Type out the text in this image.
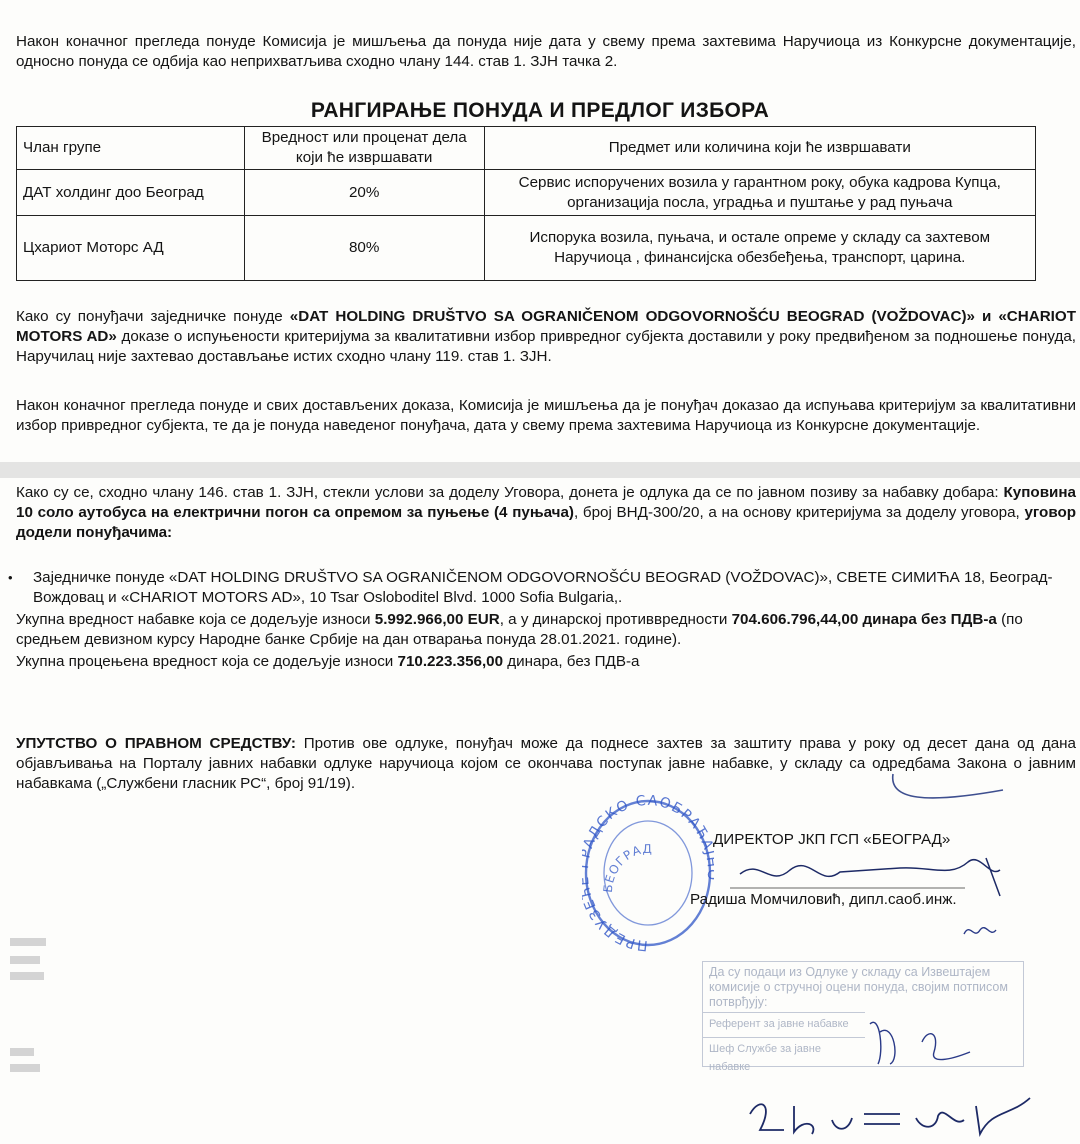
Након коначног прегледа понуде Комисија је мишљења да понуда није дата у свему према захтевима Наручиоца из Конкурсне документације, односно понуда се одбија као неприхватљива сходно члану 144. став 1. ЗЈН тачка 2.

РАНГИРАЊЕ ПОНУДА И ПРЕДЛОГ ИЗБОРА
Члан групе	Вредност или проценат дела који ће извршавати	Предмет или количина који ће извршавати
ДАТ холдинг доо Београд	20%	Сервис испоручених возила у гарантном року, обука кадрова Купца, организација посла, уградња и пуштање у рад пуњача
Цхариот Моторс АД	80%	Испорука возила, пуњача, и остале опреме у складу са захтевом Наручиоца , финансијска обезбеђења, транспорт, царина.

Како су понуђачи заједничке понуде «DAT HOLDING DRUŠTVO SA OGRANIČENOM ODGOVORNOŠĆU BEOGRAD (VOŽDOVAC)» и «CHARIOT MOTORS AD» доказе о испуњености критеријума за квалитативни избор привредног субјекта доставили у року предвиђеном за подношење понуда, Наручилац није захтевао достављање истих сходно члану 119. став 1. ЗЈН.

Након коначног прегледа понуде и свих достављених доказа, Комисија је мишљења да је понуђач доказао да испуњава критеријум за квалитативни избор привредног субјекта, те да је понуда наведеног понуђача, дата у свему према захтевима Наручиоца из Конкурсне документације.

Како су се, сходно члану 146. став 1. ЗЈН, стекли услови за доделу Уговора, донета је одлука да се по јавном позиву за набавку добара: Куповина 10 соло аутобуса на електрични погон са опремом за пуњење (4 пуњача), број ВНД-300/20, а на основу критеријума за доделу уговора, уговор додели понуђачима:

• Заједничке понуде «DAT HOLDING DRUŠTVO SA OGRANIČENOM ODGOVORNOŠĆU BEOGRAD (VOŽDOVAC)», СВЕТЕ СИМИЋА 18, Београд-Вождовац и «CHARIOT MOTORS AD», 10 Tsar Osloboditel Blvd. 1000 Sofia Bulgaria,.

Укупна вредност набавке која се додељује износи 5.992.966,00 EUR, а у динарској противвредности 704.606.796,44,00 динара без ПДВ-а (по средњем девизном курсу Народне банке Србије на дан отварања понуда 28.01.2021. године).

Укупна процењена вредност која се додељује износи 710.223.356,00 динара, без ПДВ-а

УПУТСТВО О ПРАВНОМ СРЕДСТВУ: Против ове одлуке, понуђач може да поднесе захтев за заштиту права у року од десет дана од дана објављивања на Порталу јавних набавки одлуке наручиоца којом се окончава поступак јавне набавке, у складу са одредбама Закона о јавним набавкама („Службени гласник РС“, број 91/19).

ПРЕДУЗЕ АДСКО САОБРАЋ
БЕОГРАД
ДИРЕКТОР ЈКП ГСП «БЕОГРАД»
Радиша Момчиловић, дипл.саоб.инж.
Да су подаци из Одлуке у складу са Извештајем комисије о стручној оцени понуда, својим потписом потврђују:
Референт за јавне набавке
Шеф Службе за јавне набавке
